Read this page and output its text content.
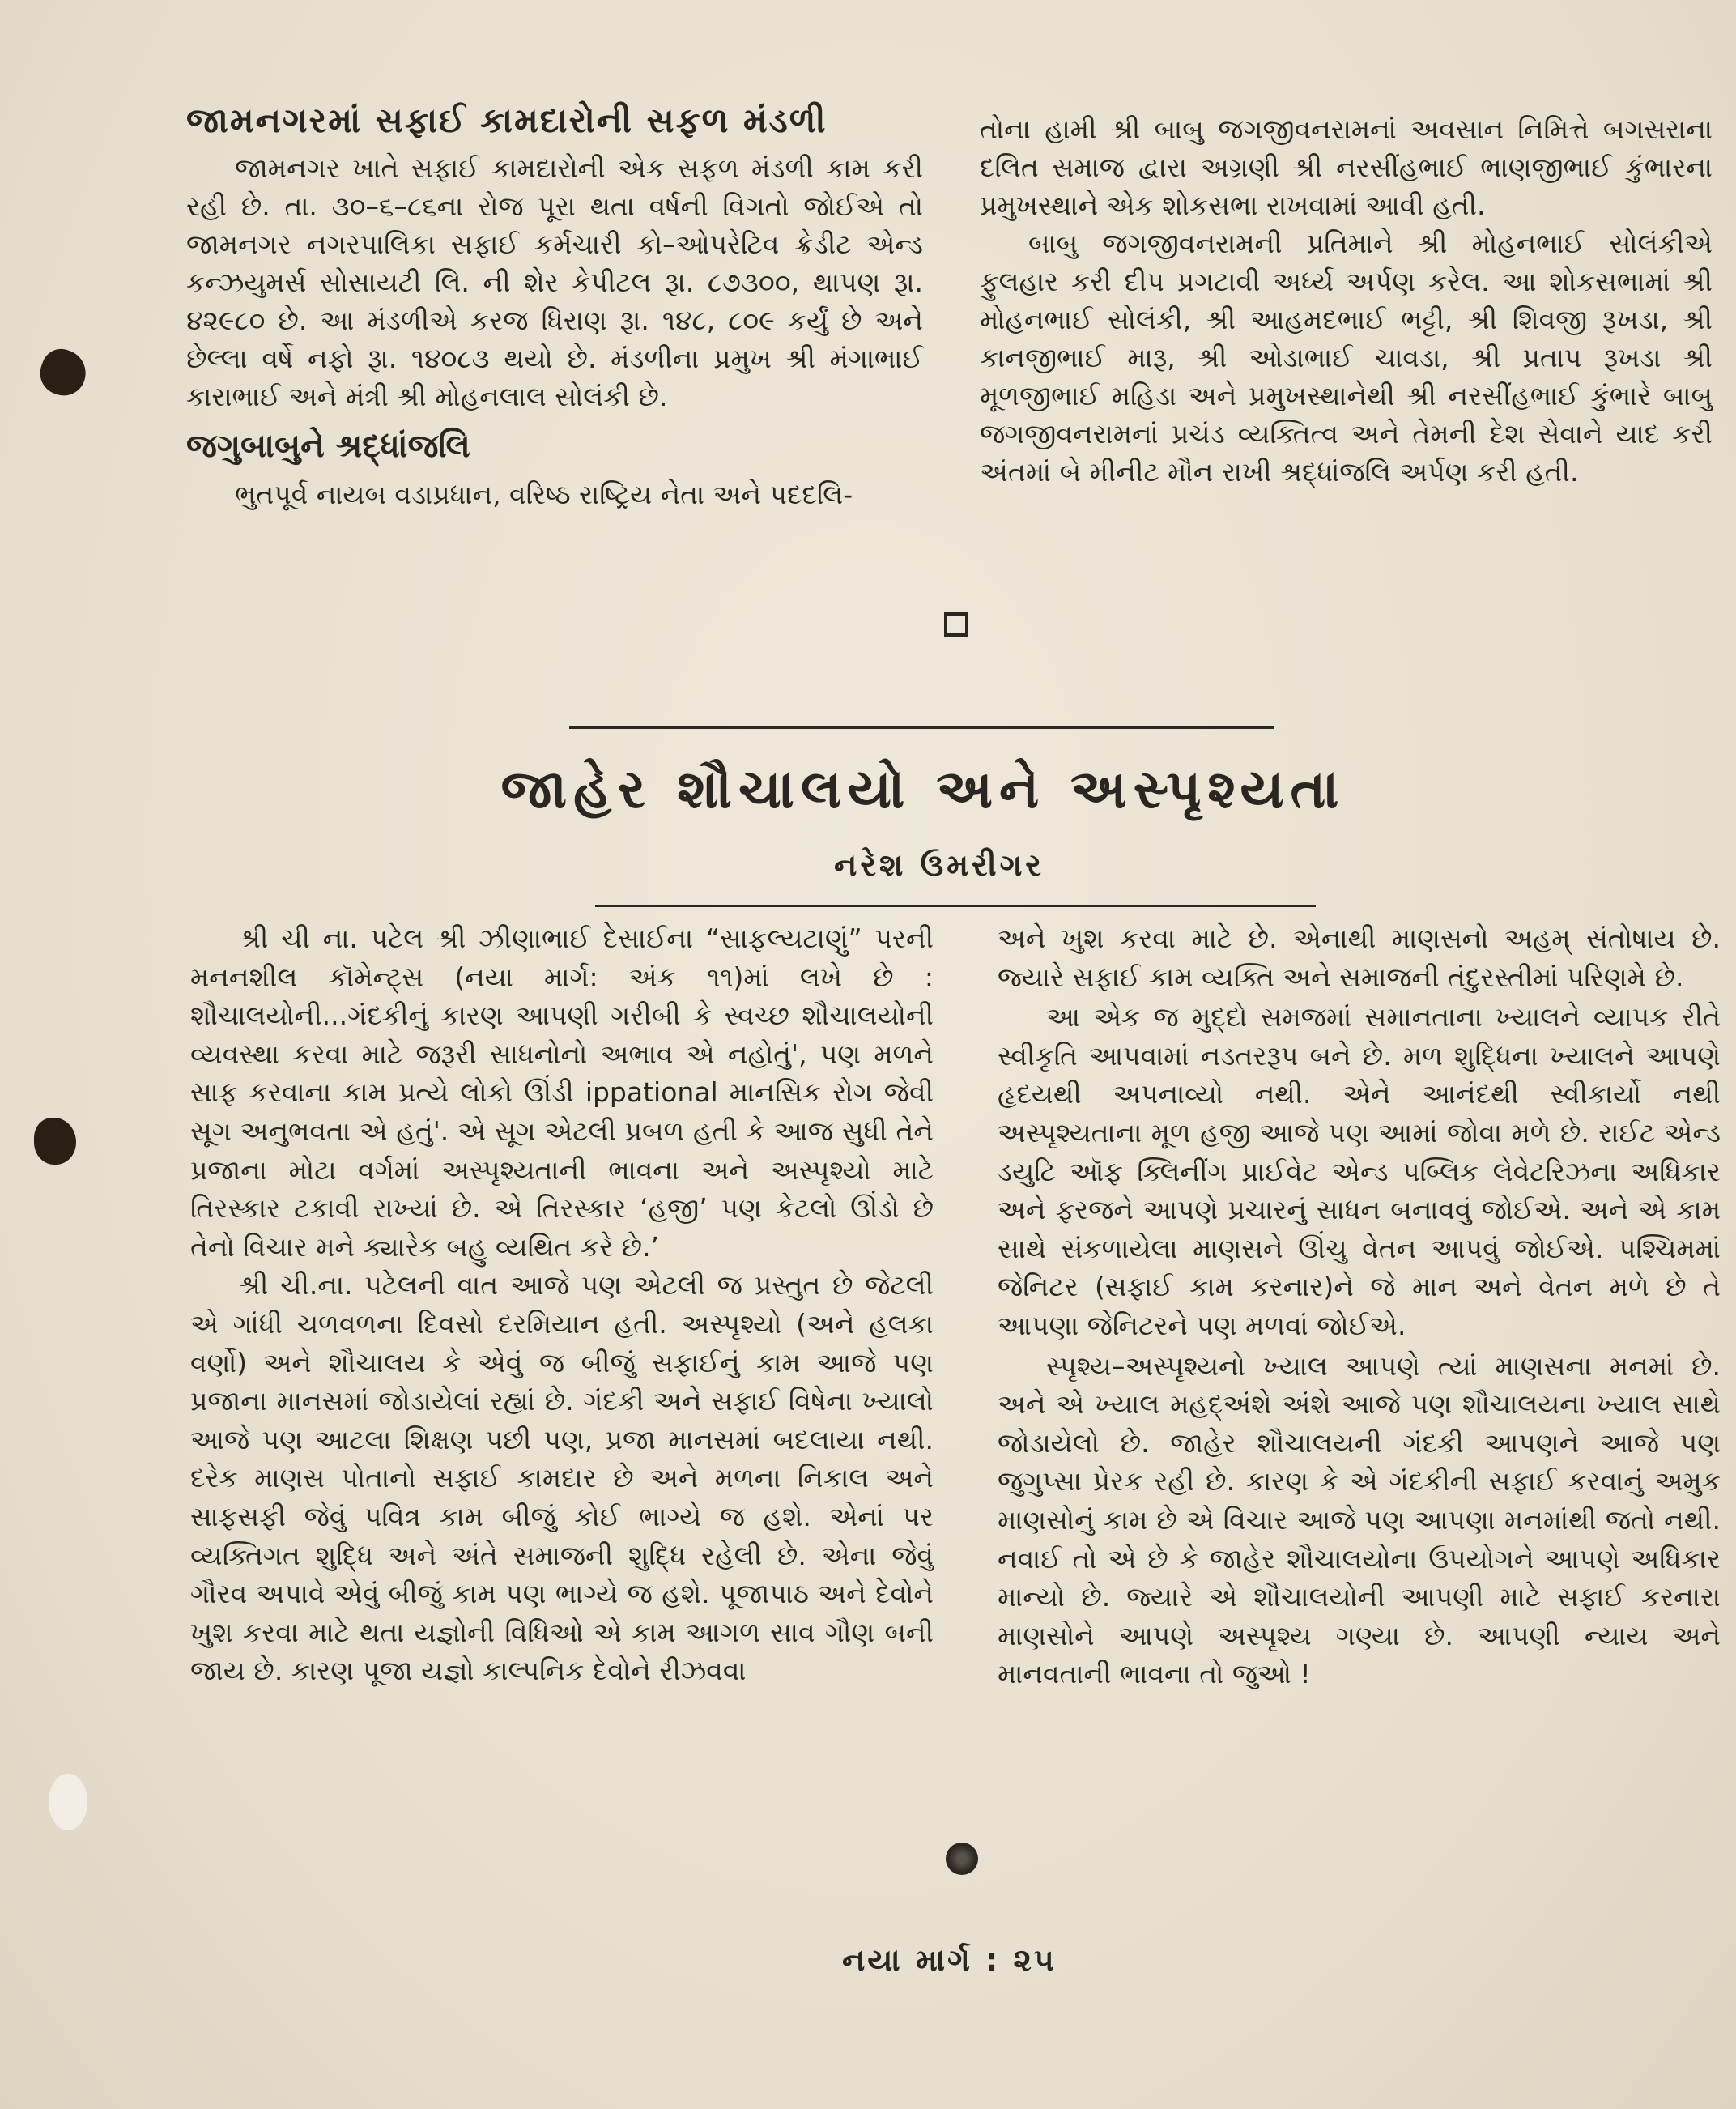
જામનગરમાં સફાઈ કામદારોની સફળ મંડળી

જામનગર ખાતે સફાઈ કામદારોની એક સફળ મંડળી કામ કરી રહી છે. તા. ૩૦–૬–૮૬ના રોજ પૂરા થતા વર્ષની વિગતો જોઈએ તો જામનગર નગરપાલિકા સફાઈ કર્મચારી કો–ઓપરેટિવ ક્રેડીટ એન્ડ કન્ઝયુમર્સ સોસાયટી લિ. ની શેર કેપીટલ રૂા. ૮૭૩૦૦, થાપણ રૂા. ૪૨૯૮૦ છે. આ મંડળીએ કરજ ધિરાણ રૂા. ૧૪૮, ૮૦૯ કર્યું છે અને છેલ્લા વર્ષે નફો રૂા. ૧૪૦૮૩ થયો છે. મંડળીના પ્રમુખ શ્રી મંગાભાઈ કારાભાઈ અને મંત્રી શ્રી મોહનલાલ સોલંકી છે.

જગુબાબુને શ્રદ્ધાંજલિ

ભુતપૂર્વ નાયબ વડાપ્રધાન, વરિષ્ઠ રાષ્ટ્રિય નેતા અને પદદલિ-

તોના હામી શ્રી બાબુ જગજીવનરામનાં અવસાન નિમિત્તે બગસરાના દલિત સમાજ દ્વારા અગ્રણી શ્રી નરસીંહભાઈ ભાણજીભાઈ કુંભારના પ્રમુખસ્થાને એક શોકસભા રાખવામાં આવી હતી.

બાબુ જગજીવનરામની પ્રતિમાને શ્રી મોહનભાઈ સોલંકીએ ફુલહાર કરી દીપ પ્રગટાવી અર્ધ્ય અર્પણ કરેલ. આ શોકસભામાં શ્રી મોહનભાઈ સોલંકી, શ્રી આહમદભાઈ ભટ્ટી, શ્રી શિવજી રૂખડા, શ્રી કાનજીભાઈ મારૂ, શ્રી ઓડાભાઈ ચાવડા, શ્રી પ્રતાપ રૂખડા શ્રી મૂળજીભાઈ મહિડા અને પ્રમુખસ્થાનેથી શ્રી નરસીંહભાઈ કુંભારે બાબુ જગજીવનરામનાં પ્રચંડ વ્યક્તિત્વ અને તેમની દેશ સેવાને યાદ કરી અંતમાં બે મીનીટ મૌન રાખી શ્રદ્ધાંજલિ અર્પણ કરી હતી.

જાહેર શૌચાલયો અને અસ્પૃશ્યતા
નરેશ ઉમરીગર

શ્રી ચી ના. પટેલ શ્રી ઝીણાભાઈ દેસાઈના “સાફલ્યટાણું” પરની મનનશીલ કૉમેન્ટ્સ (નયા માર્ગ: અંક ૧૧)માં લખે છે : શૌચાલયોની...ગંદકીનું કારણ આપણી ગરીબી કે સ્વચ્છ શૌચાલયોની વ્યવસ્થા કરવા માટે જરૂરી સાધનોનો અભાવ એ નહોતું', પણ મળને સાફ કરવાના કામ પ્રત્યે લોકો ઊંડી ippational માનસિક રોગ જેવી સૂગ અનુભવતા એ હતું'. એ સૂગ એટલી પ્રબળ હતી કે આજ સુધી તેને પ્રજાના મોટા વર્ગમાં અસ્પૃશ્યતાની ભાવના અને અસ્પૃશ્યો માટે તિરસ્કાર ટકાવી રાખ્યાં છે. એ તિરસ્કાર ‘હજી’ પણ કેટલો ઊંડો છે તેનો વિચાર મને ક્યારેક બહુ વ્યથિત કરે છે.’

શ્રી ચી.ના. પટેલની વાત આજે પણ એટલી જ પ્રસ્તુત છે જેટલી એ ગાંધી ચળવળના દિવસો દરમિયાન હતી. અસ્પૃશ્યો (અને હલકા વર્ણો) અને શૌચાલય કે એવું જ બીજું સફાઈનું કામ આજે પણ પ્રજાના માનસમાં જોડાયેલાં રહ્યાં છે. ગંદકી અને સફાઈ વિષેના ખ્યાલો આજે પણ આટલા શિક્ષણ પછી પણ, પ્રજા માનસમાં બદલાયા નથી. દરેક માણસ પોતાનો સફાઈ કામદાર છે અને મળના નિકાલ અને સાફસફી જેવું પવિત્ર કામ બીજું કોઈ ભાગ્યે જ હશે. એનાં પર વ્યક્તિગત શુદ્ધિ અને અંતે સમાજની શુદ્ધિ રહેલી છે. એના જેવું ગૌરવ અપાવે એવું બીજું કામ પણ ભાગ્યે જ હશે. પૂજાપાઠ અને દેવોને ખુશ કરવા માટે થતા યજ્ઞોની વિધિઓ એ કામ આગળ સાવ ગૌણ બની જાય છે. કારણ પૂજા યજ્ઞો કાલ્પનિક દેવોને રીઝવવા

અને ખુશ કરવા માટે છે. એનાથી માણસનો અહમ્ સંતોષાય છે. જ્યારે સફાઈ કામ વ્યક્તિ અને સમાજની તંદુરસ્તીમાં પરિણમે છે.

આ એક જ મુદ્દો સમજમાં સમાનતાના ખ્યાલને વ્યાપક રીતે સ્વીકૃતિ આપવામાં નડતરરૂપ બને છે. મળ શુદ્ધિના ખ્યાલને આપણે હૃદયથી અપનાવ્યો નથી. એને આનંદથી સ્વીકાર્યો નથી અસ્પૃશ્યતાના મૂળ હજી આજે પણ આમાં જોવા મળે છે. રાઈટ એન્ડ ડયુટિ ઑફ ક્લિનીંગ પ્રાઈવેટ એન્ડ પબ્લિક લેવેટરિઝના અધિકાર અને ફરજને આપણે પ્રચારનું સાધન બનાવવું જોઈએ. અને એ કામ સાથે સંકળાયેલા માણસને ઊંચુ વેતન આપવું જોઈએ. પશ્ચિમમાં જેનિટર (સફાઈ કામ કરનાર)ને જે માન અને વેતન મળે છે તે આપણા જેનિટરને પણ મળવાં જોઈએ.

સ્પૃશ્ય–અસ્પૃશ્યનો ખ્યાલ આપણે ત્યાં માણસના મનમાં છે. અને એ ખ્યાલ મહદ્અંશે અંશે આજે પણ શૌચાલયના ખ્યાલ સાથે જોડાયેલો છે. જાહેર શૌચાલયની ગંદકી આપણને આજે પણ જુગુપ્સા પ્રેરક રહી છે. કારણ કે એ ગંદકીની સફાઈ કરવાનું અમુક માણસોનું કામ છે એ વિચાર આજે પણ આપણા મનમાંથી જતો નથી. નવાઈ તો એ છે કે જાહેર શૌચાલયોના ઉપયોગને આપણે અધિકાર માન્યો છે. જ્યારે એ શૌચાલયોની આપણી માટે સફાઈ કરનારા માણસોને આપણે અસ્પૃશ્ય ગણ્યા છે. આપણી ન્યાય અને માનવતાની ભાવના તો જુઓ !

નયા માર્ગ : ૨૫
